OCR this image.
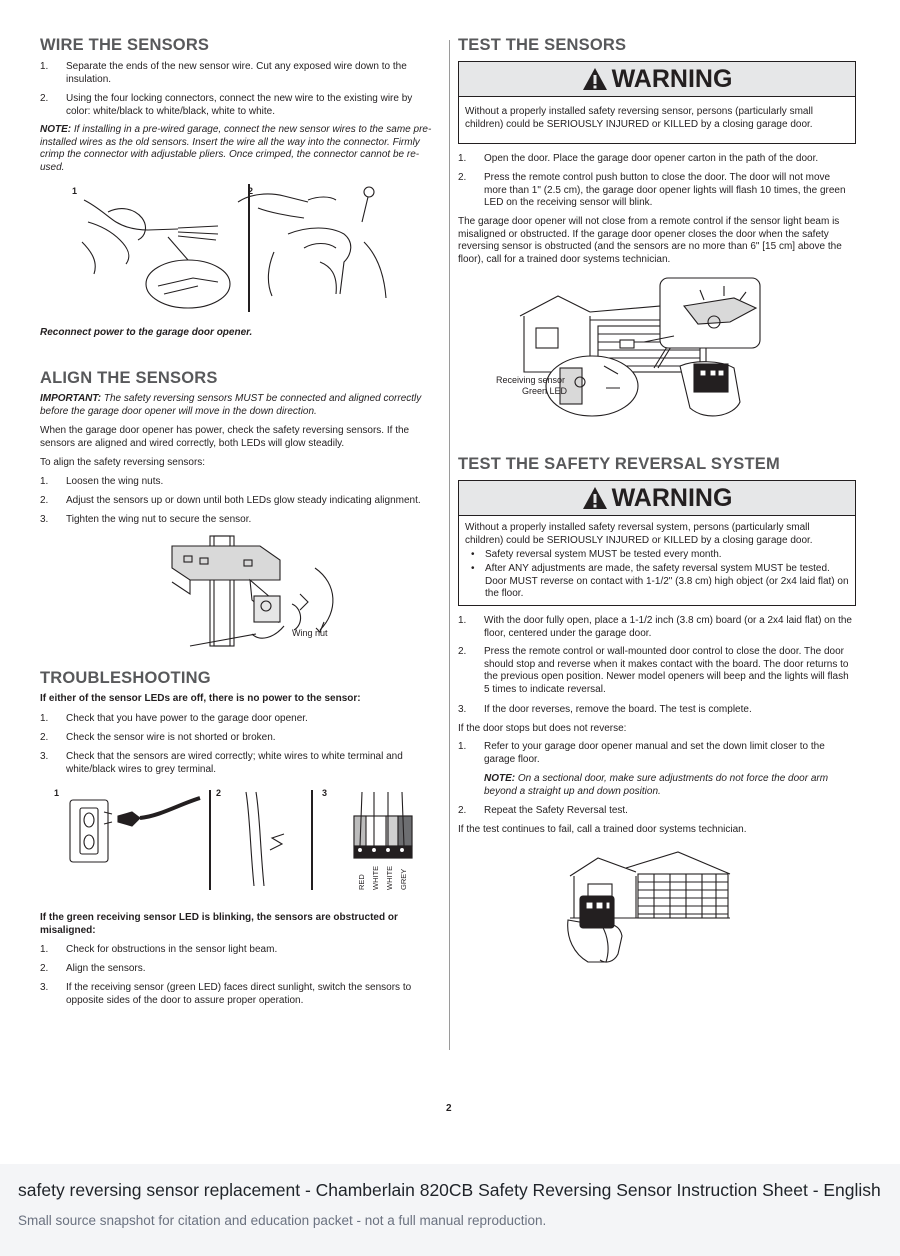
WIRE THE SENSORS
1. Separate the ends of the new sensor wire. Cut any exposed wire down to the insulation.
2. Using the four locking connectors, connect the new wire to the existing wire by color: white/black to white/black, white to white.

NOTE: If installing in a pre-wired garage, connect the new sensor wires to the same pre-installed wires as the old sensors. Insert the wire all the way into the connector. Firmly crimp the connector with adjustable pliers. Once crimped, the connector cannot be re-used.

1	2

Reconnect power to the garage door opener.

ALIGN THE SENSORS

IMPORTANT: The safety reversing sensors MUST be connected and aligned correctly before the garage door opener will move in the down direction.

When the garage door opener has power, check the safety reversing sensors. If the sensors are aligned and wired correctly, both LEDs will glow steadily.

To align the safety reversing sensors:

1. Loosen the wing nuts.
2. Adjust the sensors up or down until both LEDs glow steady indicating alignment.
3. Tighten the wing nut to secure the sensor.
Wing nut
TROUBLESHOOTING

If either of the sensor LEDs are off, there is no power to the sensor:

1. Check that you have power to the garage door opener.
2. Check the sensor wire is not shorted or broken.
3. Check that the sensors are wired correctly; white wires to white terminal and white/black wires to grey terminal.
1	2	3
RED WHITE WHITE GREY

If the green receiving sensor LED is blinking, the sensors are obstructed or misaligned:

1. Check for obstructions in the sensor light beam.
2. Align the sensors.
3. If the receiving sensor (green LED) faces direct sunlight, switch the sensors to opposite sides of the door to assure proper operation.
TEST THE SENSORS
WARNING

Without a properly installed safety reversing sensor, persons (particularly small children) could be SERIOUSLY INJURED or KILLED by a closing garage door.

1. Open the door. Place the garage door opener carton in the path of the door.
2. Press the remote control push button to close the door. The door will not move more than 1" (2.5 cm), the garage door opener lights will flash 10 times, the green LED on the receiving sensor will blink.

The garage door opener will not close from a remote control if the sensor light beam is misaligned or obstructed. If the garage door opener closes the door when the safety reversing sensor is obstructed (and the sensors are no more than 6" [15 cm] above the floor), call for a trained door systems technician.

Receiving sensor
Green LED
TEST THE SAFETY REVERSAL SYSTEM
WARNING

Without a properly installed safety reversal system, persons (particularly small children) could be SERIOUSLY INJURED or KILLED by a closing garage door.

• Safety reversal system MUST be tested every month.
• After ANY adjustments are made, the safety reversal system MUST be tested. Door MUST reverse on contact with 1-1/2" (3.8 cm) high object (or 2x4 laid flat) on the floor.
1. With the door fully open, place a 1-1/2 inch (3.8 cm) board (or a 2x4 laid flat) on the floor, centered under the garage door.
2. Press the remote control or wall-mounted door control to close the door. The door should stop and reverse when it makes contact with the board. The door returns to the previous open position. Newer model openers will beep and the lights will flash 5 times to indicate reversal.
3. If the door reverses, remove the board. The test is complete.

If the door stops but does not reverse:

1. Refer to your garage door opener manual and set the down limit closer to the garage floor.

NOTE: On a sectional door, make sure adjustments do not force the door arm beyond a straight up and down position.

2. Repeat the Safety Reversal test.

If the test continues to fail, call a trained door systems technician.

2
safety reversing sensor replacement - Chamberlain 820CB Safety Reversing Sensor Instruction Sheet - English
Small source snapshot for citation and education packet - not a full manual reproduction.
